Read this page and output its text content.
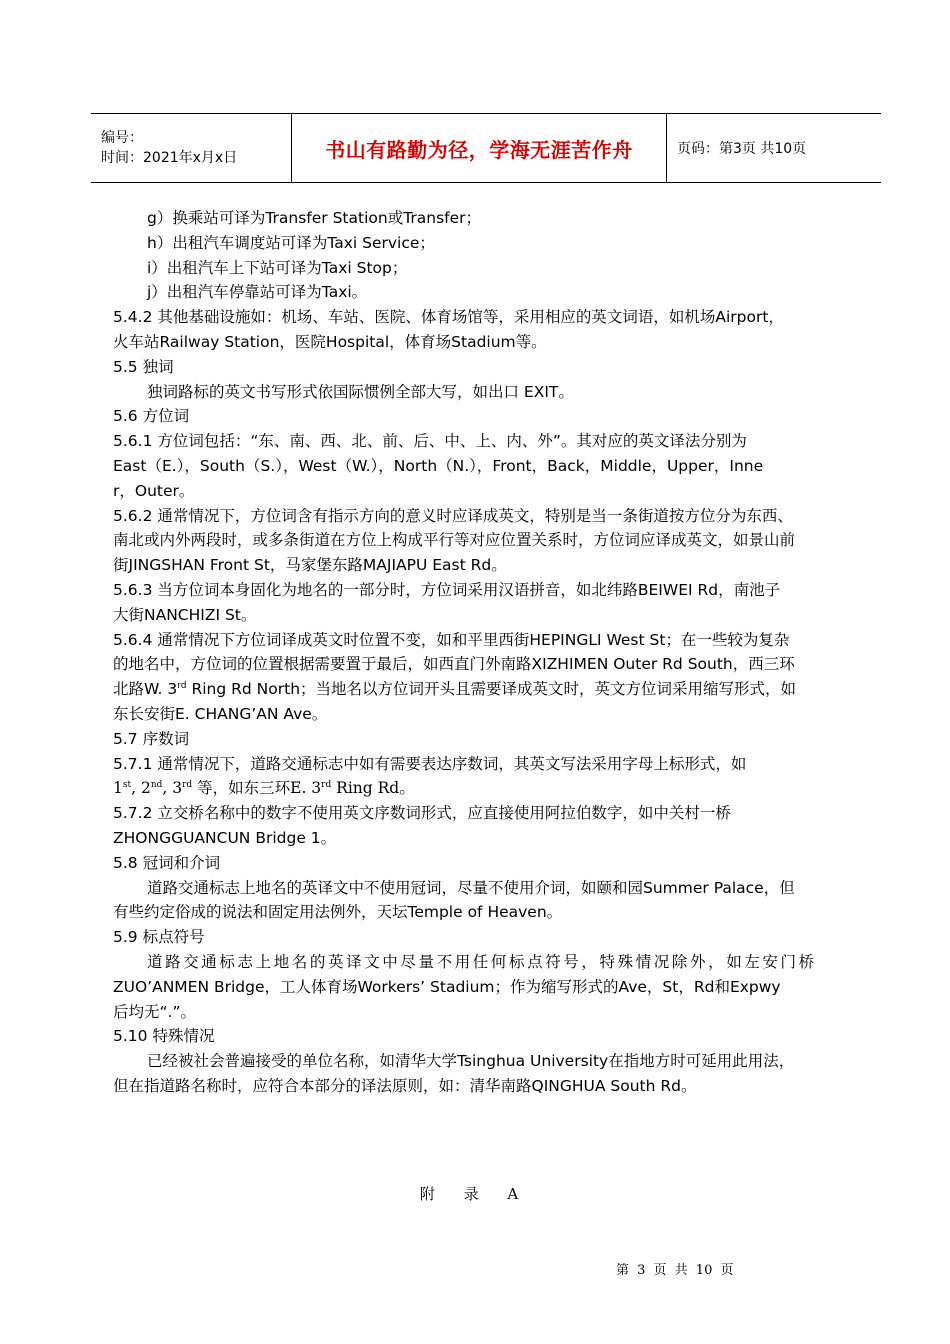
编号：
时间：2021年x月x日	书山有路勤为径，学海无涯苦作舟	页码：第3页 共10页
g）换乘站可译为Transfer Station或Transfer；
h）出租汽车调度站可译为Taxi Service；
i）出租汽车上下站可译为Taxi Stop；
j）出租汽车停靠站可译为Taxi。
5.4.2 其他基础设施如：机场、车站、医院、体育场馆等，采用相应的英文词语，如机场Airport，
火车站Railway Station，医院Hospital，体育场Stadium等。
5.5 独词
独词路标的英文书写形式依国际惯例全部大写，如出口 EXIT。
5.6 方位词
5.6.1 方位词包括：“东、南、西、北、前、后、中、上、内、外”。其对应的英文译法分别为
East（E.），South（S.），West（W.），North（N.），Front，Back，Middle，Upper，Inne
r，Outer。
5.6.2 通常情况下，方位词含有指示方向的意义时应译成英文，特别是当一条街道按方位分为东西、
南北或内外两段时，或多条街道在方位上构成平行等对应位置关系时，方位词应译成英文，如景山前
街JINGSHAN Front St，马家堡东路MAJIAPU East Rd。
5.6.3 当方位词本身固化为地名的一部分时，方位词采用汉语拼音，如北纬路BEIWEI Rd，南池子
大街NANCHIZI St。
5.6.4 通常情况下方位词译成英文时位置不变，如和平里西街HEPINGLI West St；在一些较为复杂
的地名中，方位词的位置根据需要置于最后，如西直门外南路XIZHIMEN Outer Rd South，西三环
北路W. 3rd Ring Rd North；当地名以方位词开头且需要译成英文时，英文方位词采用缩写形式，如
东长安街E. CHANG’AN Ave。
5.7 序数词
5.7.1 通常情况下，道路交通标志中如有需要表达序数词，其英文写法采用字母上标形式，如
1st, 2nd, 3rd 等，如东三环E. 3rd Ring Rd。
5.7.2 立交桥名称中的数字不使用英文序数词形式，应直接使用阿拉伯数字，如中关村一桥
ZHONGGUANCUN Bridge 1。
5.8 冠词和介词
道路交通标志上地名的英译文中不使用冠词，尽量不使用介词，如颐和园Summer Palace，但
有些约定俗成的说法和固定用法例外，天坛Temple of Heaven。
5.9 标点符号
道路交通标志上地名的英译文中尽量不用任何标点符号，特殊情况除外，如左安门桥
ZUO’ANMEN Bridge，工人体育场Workers’ Stadium；作为缩写形式的Ave，St，Rd和Expwy
后均无“.”。
5.10 特殊情况
已经被社会普遍接受的单位名称，如清华大学Tsinghua University在指地方时可延用此用法，
但在指道路名称时，应符合本部分的译法原则，如：清华南路QINGHUA South Rd。
附 录 A
第 3 页 共 10 页
